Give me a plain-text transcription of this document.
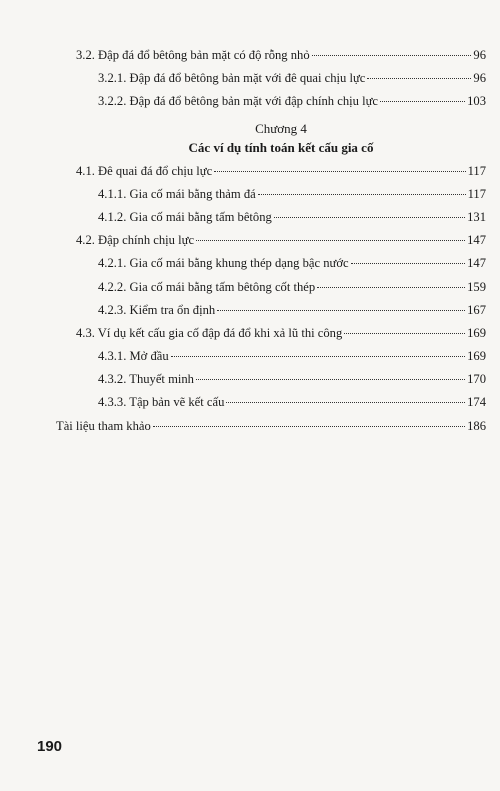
3.2. Đập đá đổ bêtông bản mặt có độ rỗng nhỏ	96
3.2.1. Đập đá đổ bêtông bản mặt với đê quai chịu lực	96
3.2.2. Đập đá đổ bêtông bản mặt với đập chính chịu lực	103
Chương 4
Các ví dụ tính toán kết cấu gia cố
4.1. Đê quai đá đổ chịu lực	117
4.1.1. Gia cố mái bằng thảm đá	117
4.1.2. Gia cố mái bằng tấm bêtông	131
4.2. Đập chính chịu lực	147
4.2.1. Gia cố mái bằng khung thép dạng bậc nước	147
4.2.2. Gia cố mái bằng tấm bêtông cốt thép	159
4.2.3. Kiểm tra ổn định	167
4.3. Ví dụ kết cấu gia cố đập đá đổ khi xả lũ thi công	169
4.3.1. Mở đầu	169
4.3.2. Thuyết minh	170
4.3.3. Tập bản vẽ kết cấu	174
Tài liệu tham khảo	186
190
